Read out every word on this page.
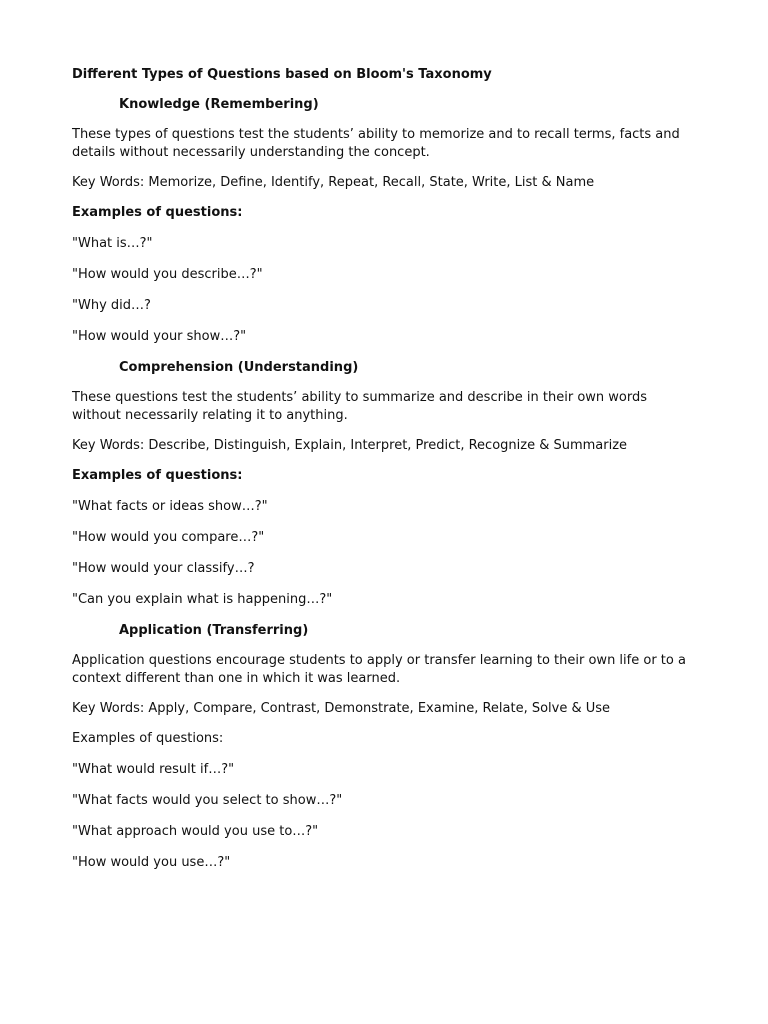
Different Types of Questions based on Bloom's Taxonomy
Knowledge (Remembering)
These types of questions test the students’ ability to memorize and to recall terms, facts and details without necessarily understanding the concept.
Key Words: Memorize, Define, Identify, Repeat, Recall, State, Write, List & Name
Examples of questions:
"What is…?"
"How would you describe…?"
"Why did…?
"How would your show…?"
Comprehension (Understanding)
These questions test the students’ ability to summarize and describe in their own words without necessarily relating it to anything.
Key Words: Describe, Distinguish, Explain, Interpret, Predict, Recognize & Summarize
Examples of questions:
"What facts or ideas show…?"
"How would you compare…?"
"How would your classify…?
"Can you explain what is happening…?"
Application (Transferring)
Application questions encourage students to apply or transfer learning to their own life or to a context different than one in which it was learned.
Key Words: Apply, Compare, Contrast, Demonstrate, Examine, Relate, Solve & Use
Examples of questions:
"What would result if…?"
"What facts would you select to show…?"
"What approach would you use to…?"
"How would you use…?"
